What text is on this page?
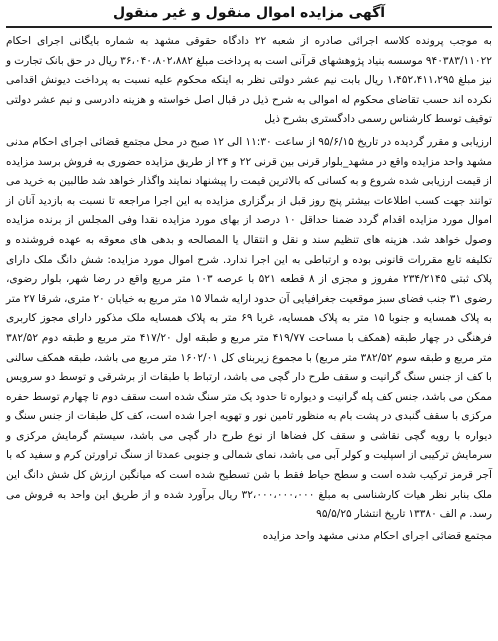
آگهی مزایده اموال منقول و غیر منقول

به موجب پرونده کلاسه اجرائی صادره از شعبه ۲۲ دادگاه حقوقی مشهد به شماره بایگانی اجرای احکام ۹۴۰۳۸۳/۱۱۰۲۲ موسسه بنیاد پژوهشهای قرآنی است به پرداخت مبلغ ۳۶،۰۴۰،۸۰۲،۸۸۲ ریال در حق بانک تجارت و نیز مبلغ ۱،۴۵۲،۴۱۱،۲۹۵ ریال بابت نیم عشر دولتی نظر به اینکه محکوم علیه نسبت به پرداخت دیونش اقدامی نکرده اند حسب تقاضای محکوم له اموالی به شرح ذیل در قبال اصل خواسته و هزینه دادرسی و نیم عشر دولتی توقیف توسط کارشناس رسمی دادگستری بشرح ذیل

ارزیابی و مقرر گردیده در تاریخ ۹۵/۶/۱۵ از ساعت ۱۱:۳۰ الی ۱۲ صبح در محل مجتمع قضائی اجرای احکام مدنی مشهد واحد مزایده واقع در مشهد_بلوار قرنی بین قرنی ۲۲ و ۲۴ از طریق مزایده حضوری به فروش برسد مزایده از قیمت ارزیابی شده شروع و به کسانی که بالاترین قیمت را پیشنهاد نمایند واگذار خواهد شد طالبین به خرید می توانند جهت کسب اطلاعات بیشتر پنج روز قبل از برگزاری مزایده به این اجرا مراجعه تا نسبت به بازدید آنان از اموال مورد مزایده اقدام گردد ضمنا حداقل ۱۰ درصد از بهای مورد مزایده نقدا وفی المجلس از برنده مزایده وصول خواهد شد. هزینه های تنظیم سند و نقل و انتقال یا المصالحه و بدهی های معوقه به عهده فروشنده و تکلیفه تابع مقررات قانونی بوده و ارتباطی به این اجرا ندارد. شرح اموال مورد مزایده: شش دانگ ملک دارای پلاک ثبتی ۲۳۴/۲۱۴۵ مفروز و مجزی از ۸ قطعه ۵۲۱ با عرصه ۱۰۳ متر مربع واقع در رضا شهر، بلوار رضوی، رضوی ۳۱ جنب فضای سبز موقعیت جغرافیایی آن حدود ارایه شمالا ۱۵ متر مربع به خیابان ۲۰ متری، شرقا ۲۷ متر به پلاک همسایه و جنوبا ۱۵ متر به پلاک همسایه، غربا ۶۹ متر به پلاک همسایه ملک مذکور دارای مجوز کاربری فرهنگی در چهار طبقه (همکف با مساحت ۴۱۹/۷۷ متر مربع و طبقه اول ۴۱۷/۲۰ متر مربع و طبقه دوم ۳۸۲/۵۲ متر مربع و طبقه سوم ۳۸۲/۵۲ متر مربع) با مجموع زیربنای کل ۱۶۰۲/۰۱ متر مربع می باشد، طبقه همکف سالنی با کف از جنس سنگ گرانیت و سقف طرح دار گچی می باشد، ارتباط با طبقات از برشرقی و توسط دو سرویس ممکن می باشد، جنس کف پله گرانیت و دیواره تا حدود یک متر سنگ شده است سقف دوم تا چهارم توسط حفره مرکزی با سقف گنبدی در پشت بام به منظور تامین نور و تهویه اجرا شده است، کف کل طبقات از جنس سنگ و دیواره با رویه گچی نقاشی و سقف کل فضاها از نوع طرح دار گچی می باشد، سیستم گرمایش مرکزی و سرمایش ترکیبی از اسپلیت و کولر آبی می باشد، نمای شمالی و جنوبی عمدتا از سنگ تراورتن کرم و سفید که با آجر قرمز ترکیب شده است و سطح حیاط فقط با شن تسطیح شده است که میانگین ارزش کل شش دانگ این ملک بنابر نظر هیات کارشناسی به مبلغ ۳۲،۰۰۰،۰۰۰،۰۰۰ ریال برآورد شده و از طریق این واحد به فروش می رسد. م الف ۱۳۳۸۰ تاریخ انتشار ۹۵/۵/۲۵

مجتمع قضائی اجرای احکام مدنی مشهد واحد مزایده
